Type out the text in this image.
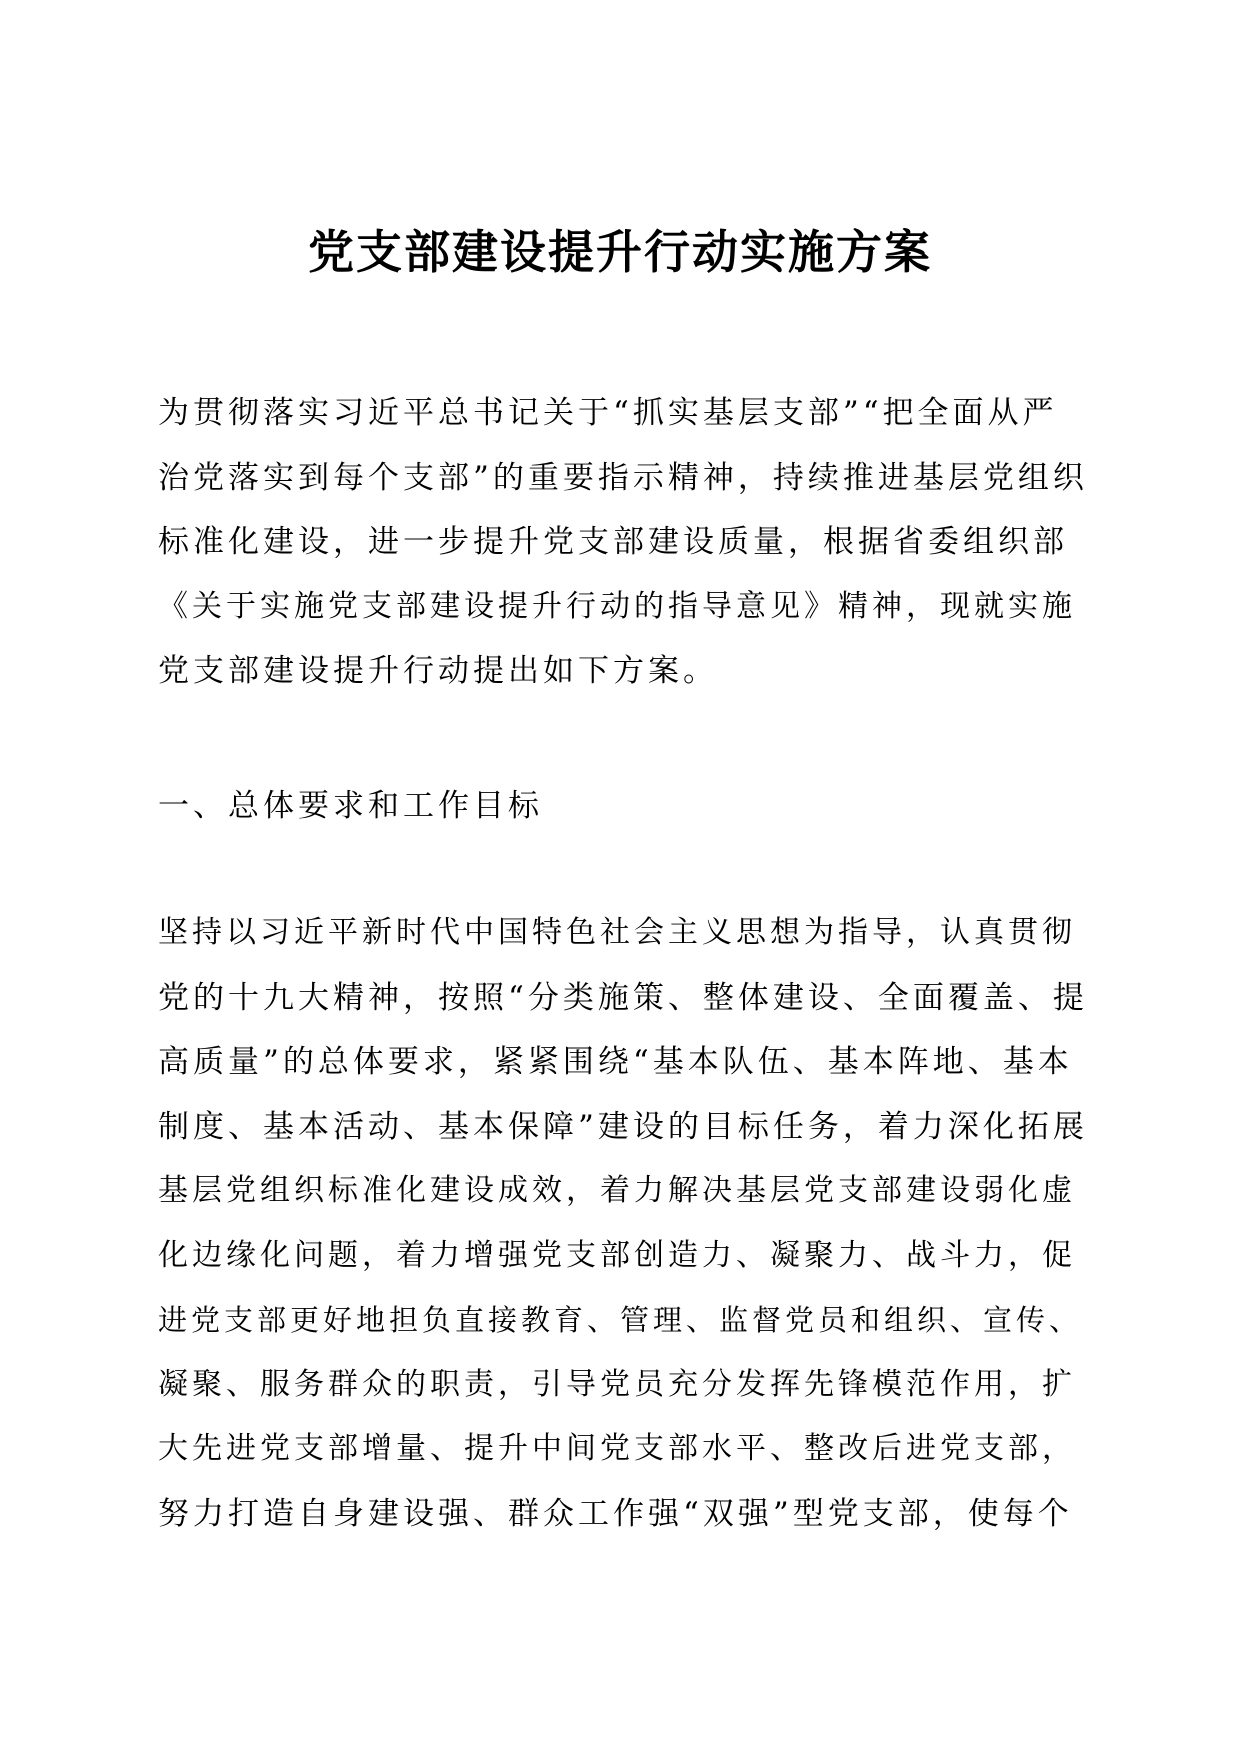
党支部建设提升行动实施方案
为贯彻落实习近平总书记关于“抓实基层支部”“把全面从严
治党落实到每个支部”的重要指示精神，持续推进基层党组织
标准化建设，进一步提升党支部建设质量，根据省委组织部
《关于实施党支部建设提升行动的指导意见》精神，现就实施
党支部建设提升行动提出如下方案。
一、总体要求和工作目标
坚持以习近平新时代中国特色社会主义思想为指导，认真贯彻
党的十九大精神，按照“分类施策、整体建设、全面覆盖、提
高质量”的总体要求，紧紧围绕“基本队伍、基本阵地、基本
制度、基本活动、基本保障”建设的目标任务，着力深化拓展
基层党组织标准化建设成效，着力解决基层党支部建设弱化虚
化边缘化问题，着力增强党支部创造力、凝聚力、战斗力，促
进党支部更好地担负直接教育、管理、监督党员和组织、宣传、
凝聚、服务群众的职责，引导党员充分发挥先锋模范作用，扩
大先进党支部增量、提升中间党支部水平、整改后进党支部，
努力打造自身建设强、群众工作强“双强”型党支部，使每个
